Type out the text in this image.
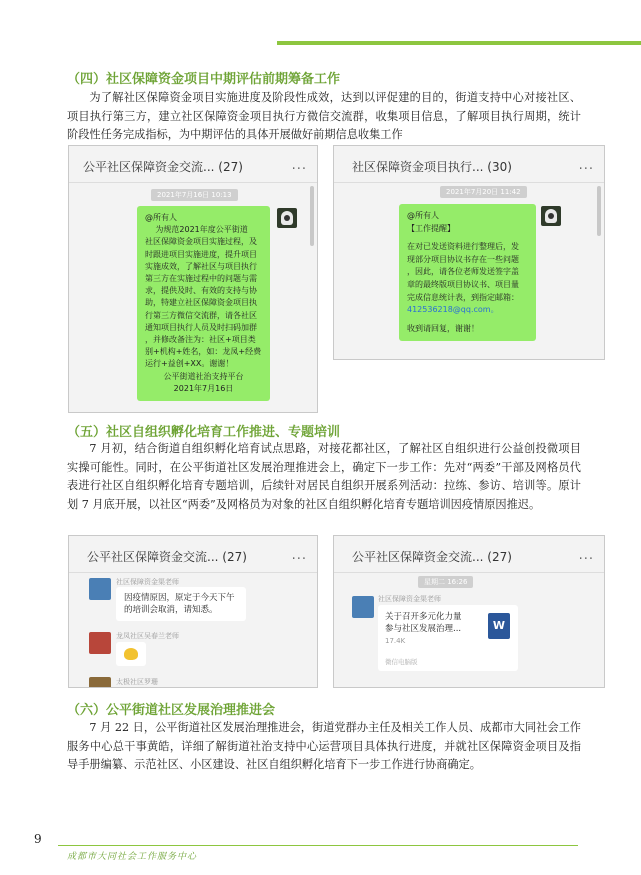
（四）社区保障资金项目中期评估前期筹备工作
为了解社区保障资金项目实施进度及阶段性成效，达到以评促建的目的，街道支持中心对接社区、项目执行第三方，建立社区保障资金项目执行方微信交流群，收集项目信息，了解项目执行周期，统计阶段性任务完成指标，为中期评估的具体开展做好前期信息收集工作
公平社区保障资金交流... (27)	...
2021年7月16日 10:13
@所有人
为规范2021年度公平街道
社区保障资金项目实施过程，及
时跟进项目实施进度，提升项目
实施成效，了解社区与项目执行
第三方在实施过程中的问题与需
求，提供及时、有效的支持与协
助，特建立社区保障资金项目执
行第三方微信交流群，请各社区
通知项目执行人员及时扫码加群
，并修改备注为：社区+项目类
别+机构+姓名，如：龙凤+经费
运行+益创+XX。谢谢！
公平街道社治支持平台
2021年7月16日
社区保障资金项目执行... (30)	...
2021年7月20日 11:42
@所有人
【工作提醒】
在对已发送资料进行整理后，发
现部分项目协议书存在一些问题
，因此，请各位老师发送签字盖
章的最终版项目协议书、项目量
完成信息统计表，到指定邮箱：
412536218@qq.com。
收到请回复，谢谢！
（五）社区自组织孵化培育工作推进、专题培训
7 月初，结合街道自组织孵化培育试点思路，对接花都社区，了解社区自组织进行公益创投微项目实操可能性。同时，在公平街道社区发展治理推进会上，确定下一步工作：先对“两委”干部及网格员代表进行社区自组织孵化培育专题培训，后续针对居民自组织开展系列活动：拉练、参访、培训等。原计划 7 月底开展，以社区“两委”及网格员为对象的社区自组织孵化培育专题培训因疫情原因推迟。
公平社区保障资金交流... (27)	...
社区保障资金渠老师
因疫情原因，原定于今天下午
的培训会取消，请知悉。
龙凤社区吴春兰老师
太极社区罗珊
公平社区保障资金交流... (27)	...
星期二 16:26
社区保障资金渠老师
关于召开多元化力量
参与社区发展治理...
17.4K
W
微信电脑版
（六）公平街道社区发展治理推进会
7 月 22 日，公平街道社区发展治理推进会，街道党群办主任及相关工作人员、成都市大同社会工作服务中心总干事黄皓，详细了解街道社治支持中心运营项目具体执行进度，并就社区保障资金项目及指导手册编纂、示范社区、小区建设、社区自组织孵化培育下一步工作进行协商确定。
9
成都市大同社会工作服务中心
